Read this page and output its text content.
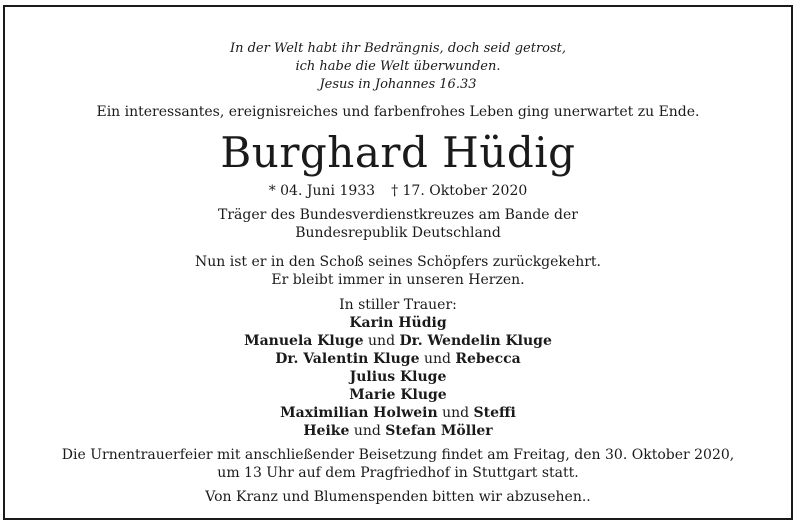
In der Welt habt ihr Bedrängnis, doch seid getrost,
ich habe die Welt überwunden.
Jesus in Johannes 16.33
Ein interessantes, ereignisreiches und farbenfrohes Leben ging unerwartet zu Ende.
Burghard Hüdig
* 04. Juni 1933 † 17. Oktober 2020
Träger des Bundesverdienstkreuzes am Bande der
Bundesrepublik Deutschland
Nun ist er in den Schoß seines Schöpfers zurückgekehrt.
Er bleibt immer in unseren Herzen.
In stiller Trauer:
Karin Hüdig
Manuela Kluge und Dr. Wendelin Kluge
Dr. Valentin Kluge und Rebecca
Julius Kluge
Marie Kluge
Maximilian Holwein und Steffi
Heike und Stefan Möller
Die Urnentrauerfeier mit anschließender Beisetzung findet am Freitag, den 30. Oktober 2020,
um 13 Uhr auf dem Pragfriedhof in Stuttgart statt.
Von Kranz und Blumenspenden bitten wir abzusehen..
